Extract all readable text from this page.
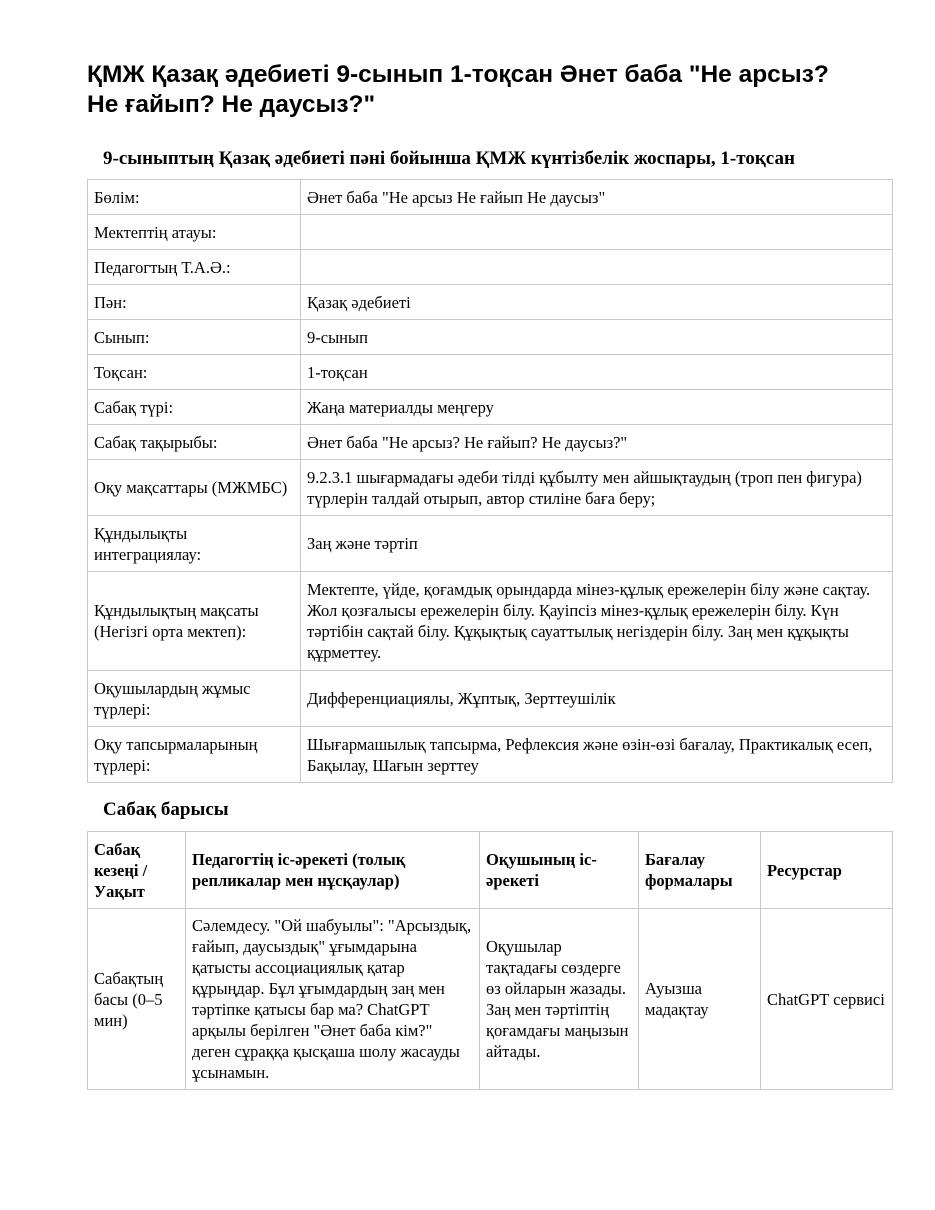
ҚМЖ Қазақ әдебиеті 9-сынып 1-тоқсан Әнет баба "Не арсыз? Не ғайып? Не даусыз?"
9-сыныптың Қазақ әдебиеті пәні бойынша ҚМЖ күнтізбелік жоспары, 1-тоқсан
Бөлім:	Әнет баба "Не арсыз Не ғайып Не даусыз"
Мектептің атауы:	
Педагогтың Т.А.Ә.:	
Пән:	Қазақ әдебиеті
Сынып:	9-сынып
Тоқсан:	1-тоқсан
Сабақ түрі:	Жаңа материалды меңгеру
Сабақ тақырыбы:	Әнет баба "Не арсыз? Не ғайып? Не даусыз?"
Оқу мақсаттары (МЖМБС)	9.2.3.1 шығармадағы әдеби тілді құбылту мен айшықтаудың (троп пен фигура) түрлерін талдай отырып, автор стиліне баға беру;
Құндылықты интеграциялау:	Заң және тәртіп
Құндылықтың мақсаты (Негізгі орта мектеп):	Мектепте, үйде, қоғамдық орындарда мінез-құлық ережелерін білу және сақтау. Жол қозғалысы ережелерін білу. Қауіпсіз мінез-құлық ережелерін білу. Күн тәртібін сақтай білу. Құқықтық сауаттылық негіздерін білу. Заң мен құқықты құрметтеу.
Оқушылардың жұмыс түрлері:	Дифференциациялы, Жұптық, Зерттеушілік
Оқу тапсырмаларының түрлері:	Шығармашылық тапсырма, Рефлексия және өзін-өзі бағалау, Практикалық есеп, Бақылау, Шағын зерттеу
Сабақ барысы
Сабақ кезеңі / Уақыт	Педагогтің іс-әрекеті (толық репликалар мен нұсқаулар)	Оқушының іс-әрекеті	Бағалау формалары	Ресурстар
Сабақтың басы (0–5 мин)	Сәлемдесу. "Ой шабуылы": "Арсыздық, ғайып, даусыздық" ұғымдарына қатысты ассоциациялық қатар құрыңдар. Бұл ұғымдардың заң мен тәртіпке қатысы бар ма? ChatGPT арқылы берілген "Әнет баба кім?" деген сұраққа қысқаша шолу жасауды ұсынамын.	Оқушылар тақтадағы сөздерге өз ойларын жазады. Заң мен тәртіптің қоғамдағы маңызын айтады.	Ауызша мадақтау	ChatGPT сервисі
